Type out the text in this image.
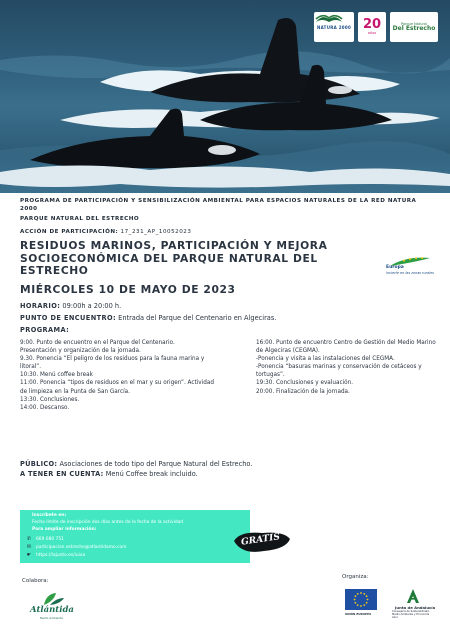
NATURA 2000 20
años
Parque Natural
Del Estrecho
PROGRAMA DE PARTICIPACIÓN Y SENSIBILIZACIÓN AMBIENTAL PARA ESPACIOS NATURALES DE LA RED NATURA 2000
PARQUE NATURAL DEL ESTRECHO
ACCIÓN DE PARTICIPACIÓN: 17_231_AP_10052023
RESIDUOS MARINOS, PARTICIPACIÓN Y MEJORA SOCIOECONÓMICA DEL PARQUE NATURAL DEL ESTRECHO
MIÉRCOLES 10 DE MAYO DE 2023
Europa
invierte en las zonas rurales
HORARIO: 09:00h a 20:00 h.
PUNTO DE ENCUENTRO: Entrada del Parque del Centenario en Algeciras.
PROGRAMA:
9:00. Punto de encuentro en el Parque del Centenario.
Presentación y organización de la jornada.
9.30. Ponencia “El peligro de los residuos para la fauna marina y litoral”.
10:30. Menú coffee break
11:00. Ponencia “tipos de residuos en el mar y su origen”. Actividad de limpieza en la Punta de San García.
13:30. Conclusiones.
14:00. Descanso.
16:00. Punto de encuentro Centro de Gestión del Medio Marino de Algeciras (CEGMA).
-Ponencia y visita a las instalaciones del CEGMA.
-Ponencia “basuras marinas y conservación de cetáceos y tortugas”.
19:30. Conclusiones y evaluación.
20:00. Finalización de la jornada.
PÚBLICO: Asociaciones de todo tipo del Parque Natural del Estrecho.
A TENER EN CUENTA: Menú Coffee break incluido.
Inscríbete en:
Fecha límite de inscripción dos días antes de la fecha de la actividad
Para ampliar información:
✆ 669 080 751
✉ participacion.estrecho@atlantidamo.com
☛ https://lajunto.es/iuixa
GRATIS
Colabora:
Atlántida
Medio Ambiente
Organiza:
UNIÓN EUROPEA
Junta de Andalucía
Consejería de Sostenibilidad, Medio Ambiente y Economía Azul
